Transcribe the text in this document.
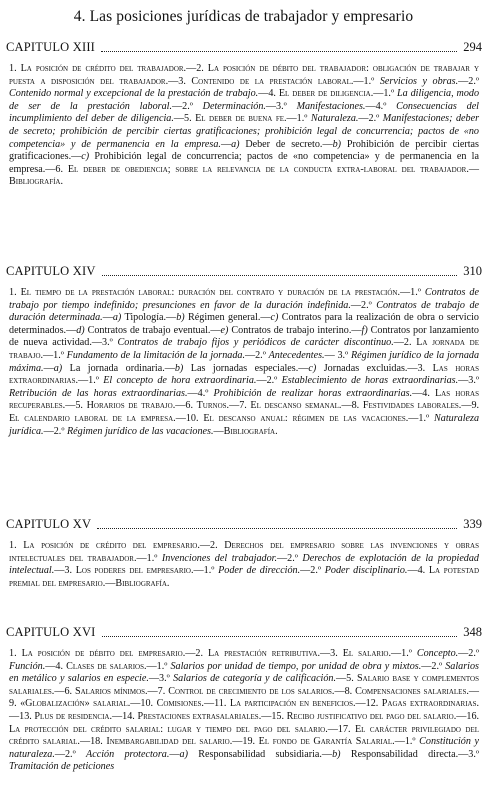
4. Las posiciones jurídicas de trabajador y empresario
CAPITULO XIII	294
1. La posición de crédito del trabajador.—2. La posición de débito del trabajador: obligación de trabajar y puesta a disposición del trabajador.—3. Contenido de la prestación laboral.—1.º Servicios y obras.—2.º Contenido normal y excepcional de la prestación de trabajo.—4. El deber de diligencia.—1.º La diligencia, modo de ser de la prestación laboral.—2.º Determinación.—3.º Manifestaciones.—4.º Consecuencias del incumplimiento del deber de diligencia.—5. El deber de buena fe.—1.º Naturaleza.—2.º Manifestaciones; deber de secreto; prohibición de percibir ciertas gratificaciones; prohibición legal de concurrencia; pactos de «no competencia» y de permanencia en la empresa.—a) Deber de secreto.—b) Prohibición de percibir ciertas gratificaciones.—c) Prohibición legal de concurrencia; pactos de «no competencia» y de permanencia en la empresa.—6. El deber de obediencia; sobre la relevancia de la conducta extra-laboral del trabajador.—Bibliografía.
CAPITULO XIV	310
1. El tiempo de la prestación laboral: duración del contrato y duración de la prestación.—1.º Contratos de trabajo por tiempo indefinido; presunciones en favor de la duración indefinida.—2.º Contratos de trabajo de duración determinada.—a) Tipología.—b) Régimen general.—c) Contratos para la realización de obra o servicio determinados.—d) Contratos de trabajo eventual.—e) Contratos de trabajo interino.—f) Contratos por lanzamiento de nueva actividad.—3.º Contratos de trabajo fijos y periódicos de carácter discontinuo.—2. La jornada de trabajo.—1.º Fundamento de la limitación de la jornada.—2.º Antecedentes.— 3.º Régimen jurídico de la jornada máxima.—a) La jornada ordinaria.—b) Las jornadas especiales.—c) Jornadas excluidas.—3. Las horas extraordinarias.—1.º El concepto de hora extraordinaria.—2.º Establecimiento de horas extraordinarias.—3.º Retribución de las horas extraordinarias.—4.º Prohibición de realizar horas extraordinarias.—4. Las horas recuperables.—5. Horarios de trabajo.—6. Turnos.—7. El descanso semanal.—8. Festividades laborales.—9. El calendario laboral de la empresa.—10. El descanso anual: régimen de las vacaciones.—1.º Naturaleza jurídica.—2.º Régimen jurídico de las vacaciones.—Bibliografía.
CAPITULO XV	339
1. La posición de crédito del empresario.—2. Derechos del empresario sobre las invenciones y obras intelectuales del trabajador.—1.º Invenciones del trabajador.—2.º Derechos de explotación de la propiedad intelectual.—3. Los poderes del empresario.—1.º Poder de dirección.—2.º Poder disciplinario.—4. La potestad premial del empresario.—Bibliografía.
CAPITULO XVI	348
1. La posición de débito del empresario.—2. La prestación retributiva.—3. El salario.—1.º Concepto.—2.º Función.—4. Clases de salarios.—1.º Salarios por unidad de tiempo, por unidad de obra y mixtos.—2.º Salarios en metálico y salarios en especie.—3.º Salarios de categoría y de calificación.—5. Salario base y complementos salariales.—6. Salarios mínimos.—7. Control de crecimiento de los salarios.—8. Compensaciones salariales.—9. «Globalización» salarial.—10. Comisiones.—11. La participación en beneficios.—12. Pagas extraordinarias.—13. Plus de residencia.—14. Prestaciones extrasalariales.—15. Recibo justificativo del pago del salario.—16. La protección del crédito salarial: lugar y tiempo del pago del salario.—17. El carácter privilegiado del crédito salarial.—18. Inembargabilidad del salario.—19. El fondo de Garantía Salarial.—1.º Constitución y naturaleza.—2.º Acción protectora.—a) Responsabilidad subsidiaria.—b) Responsabilidad directa.—3.º Tramitación de peticiones
